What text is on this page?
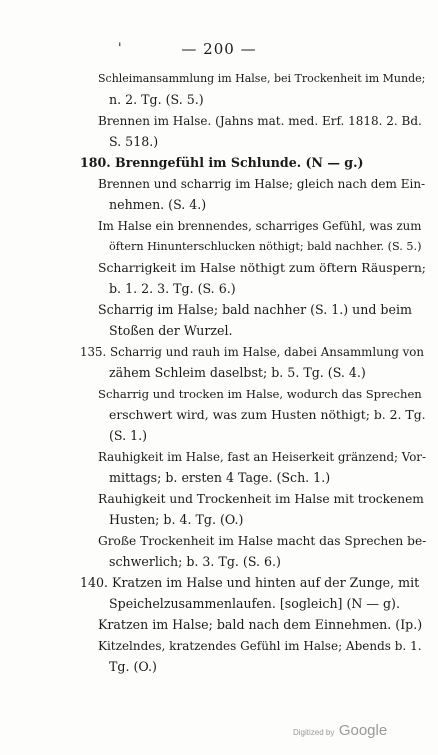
'	— 200 —
Schleimansammlung im Halse, bei Trockenheit im Munde;
n. 2. Tg. (S. 5.)
Brennen im Halse. (Jahns mat. med. Erf. 1818. 2. Bd.
S. 518.)
180. Brenngefühl im Schlunde. (N — g.)
Brennen und scharrig im Halse; gleich nach dem Ein-
nehmen. (S. 4.)
Im Halse ein brennendes, scharriges Gefühl, was zum
öftern Hinunterschlucken nöthigt; bald nachher. (S. 5.)
Scharrigkeit im Halse nöthigt zum öftern Räuspern;
b. 1. 2. 3. Tg. (S. 6.)
Scharrig im Halse; bald nachher (S. 1.) und beim
Stoßen der Wurzel.
135. Scharrig und rauh im Halse, dabei Ansammlung von
zähem Schleim daselbst; b. 5. Tg. (S. 4.)
Scharrig und trocken im Halse, wodurch das Sprechen
erschwert wird, was zum Husten nöthigt; b. 2. Tg.
(S. 1.)
Rauhigkeit im Halse, fast an Heiserkeit gränzend; Vor-
mittags; b. ersten 4 Tage. (Sch. 1.)
Rauhigkeit und Trockenheit im Halse mit trockenem
Husten; b. 4. Tg. (O.)
Große Trockenheit im Halse macht das Sprechen be-
schwerlich; b. 3. Tg. (S. 6.)
140. Kratzen im Halse und hinten auf der Zunge, mit
Speichelzusammenlaufen. [sogleich] (N — g).
Kratzen im Halse; bald nach dem Einnehmen. (Ip.)
Kitzelndes, kratzendes Gefühl im Halse; Abends b. 1.
Tg. (O.)
Digitized by Google
